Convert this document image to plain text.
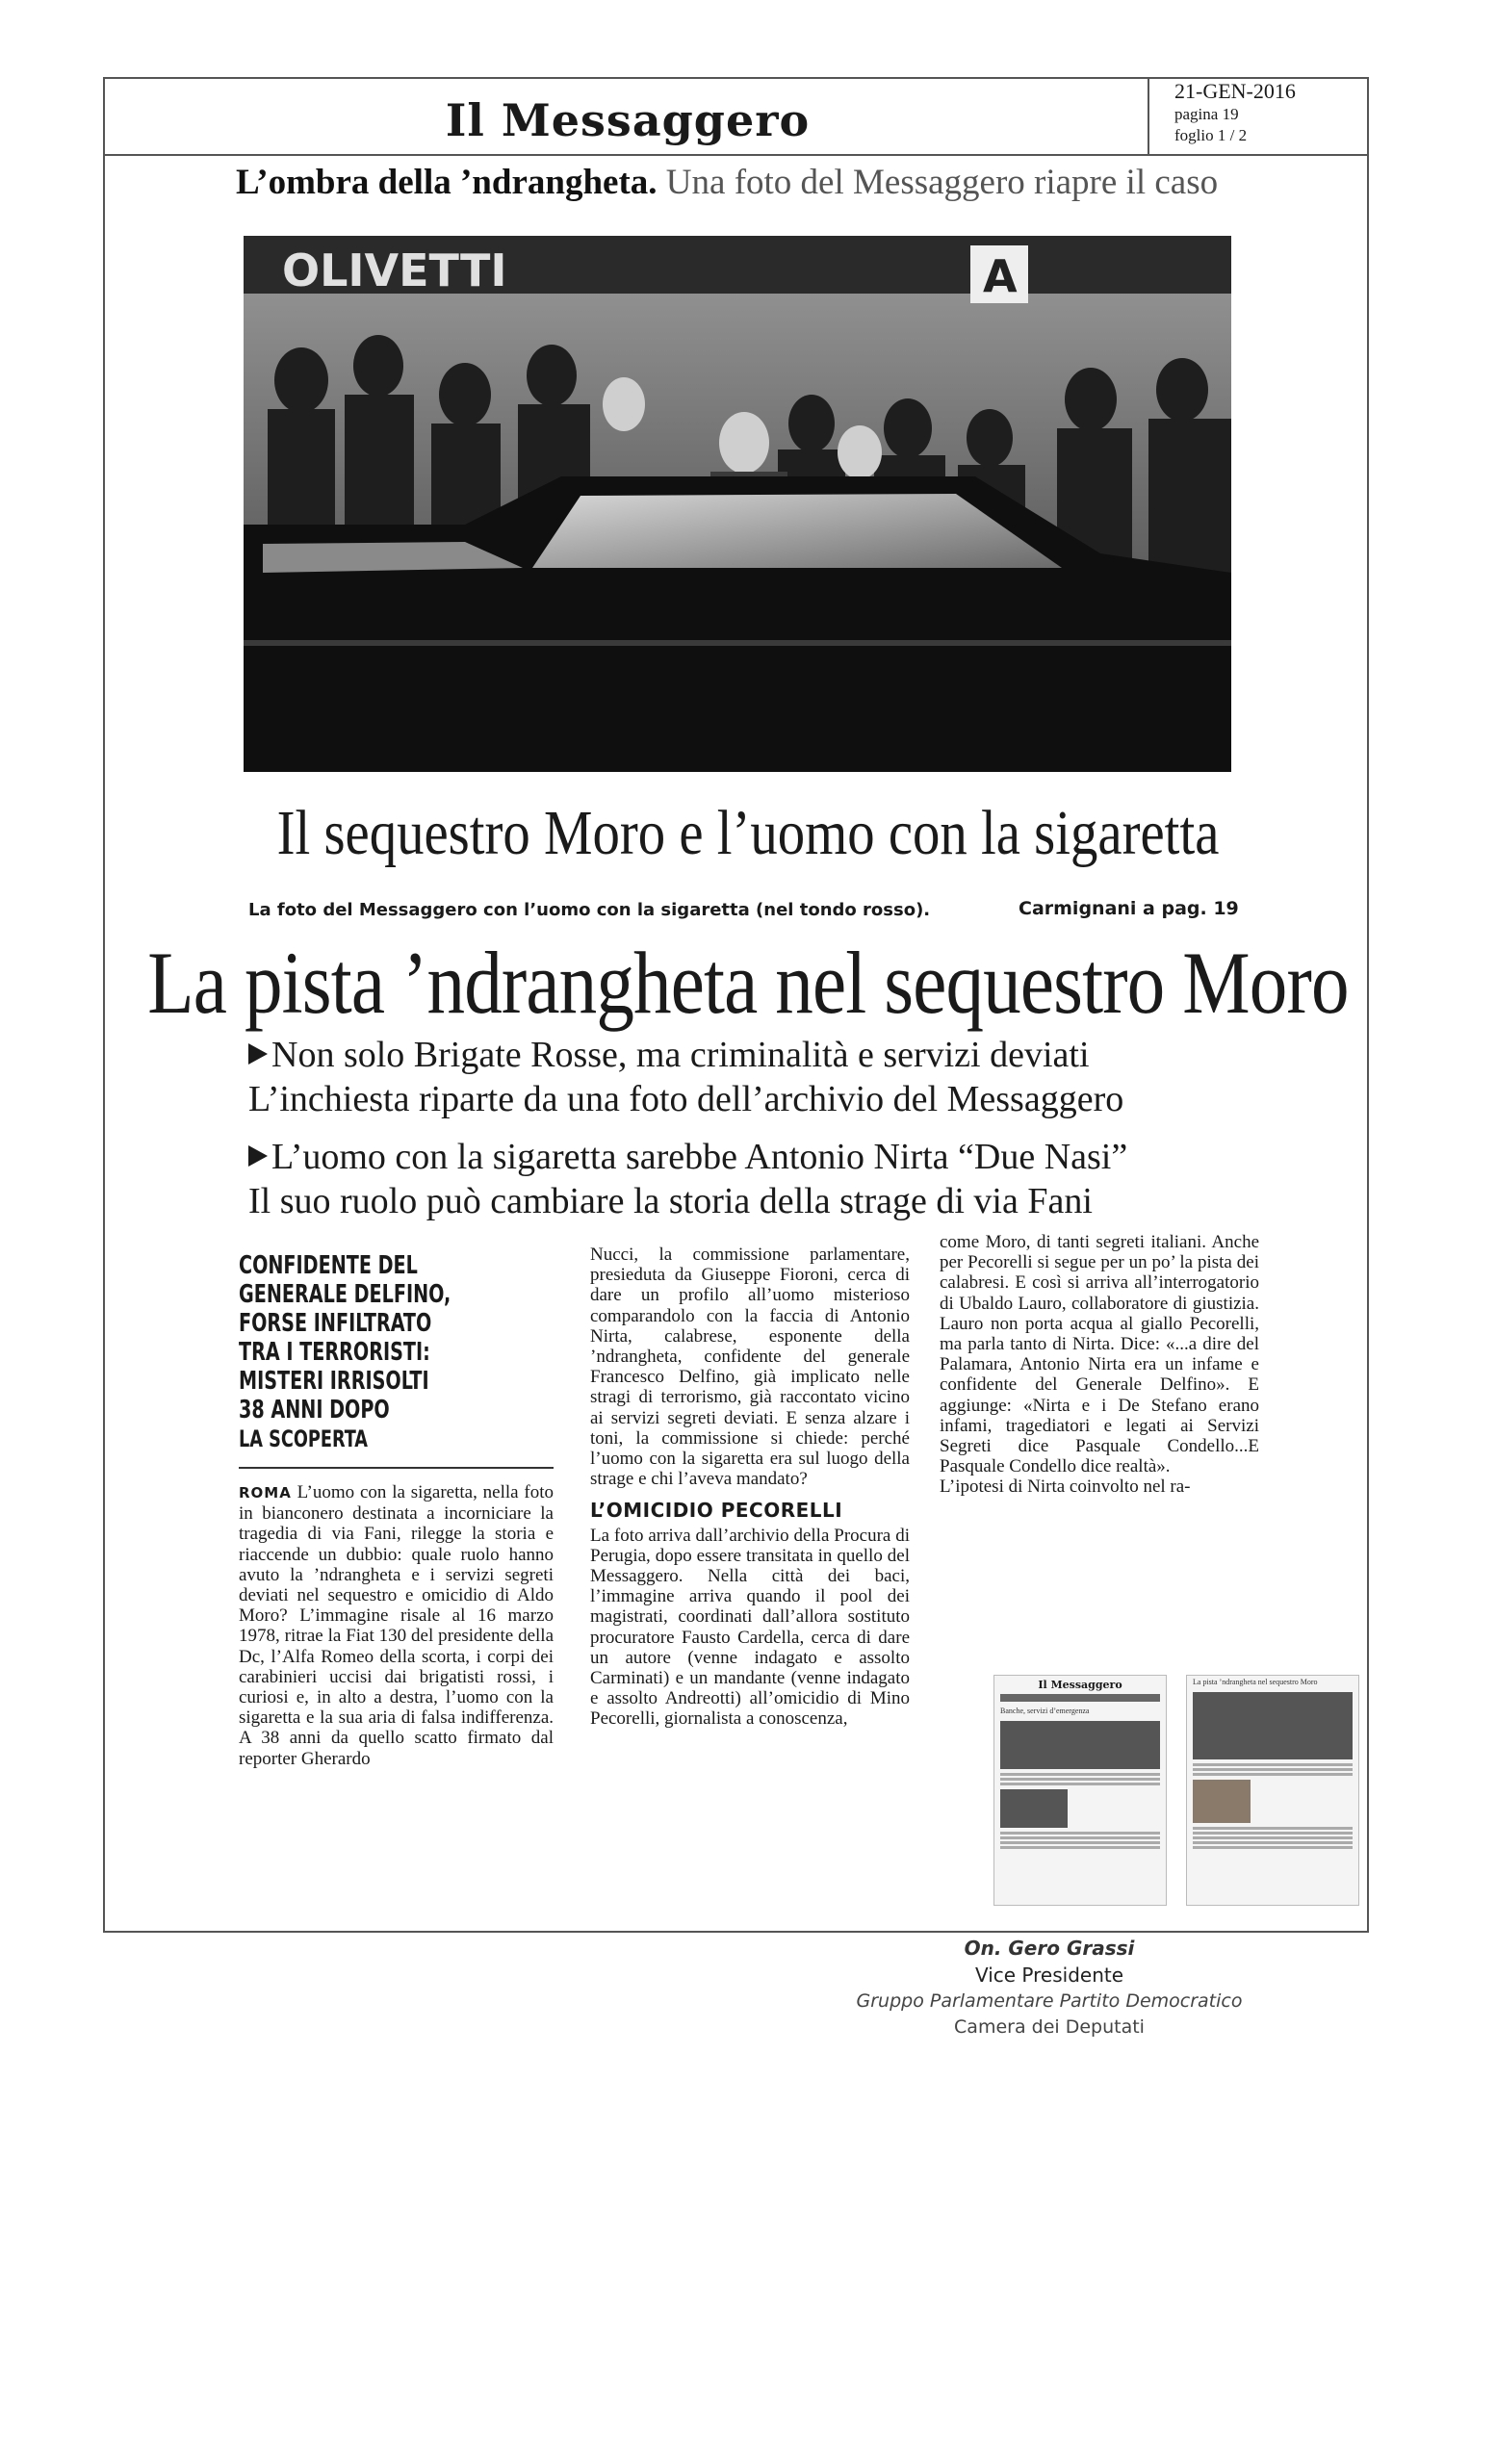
Il Messaggero
21-GEN-2016
pagina 19
foglio 1 / 2
L’ombra della ’ndrangheta. Una foto del Messaggero riapre il caso
OLIVETTI	A
Il sequestro Moro e l’uomo con la sigaretta
La foto del Messaggero con l’uomo con la sigaretta (nel tondo rosso).	Carmignani a pag. 19
La pista ’ndrangheta nel sequestro Moro
Non solo Brigate Rosse, ma criminalità e servizi deviati
L’inchiesta riparte da una foto dell’archivio del Messaggero
L’uomo con la sigaretta sarebbe Antonio Nirta “Due Nasi”
Il suo ruolo può cambiare la storia della strage di via Fani
CONFIDENTE DEL
GENERALE DELFINO,
FORSE INFILTRATO
TRA I TERRORISTI:
MISTERI IRRISOLTI
38 ANNI DOPO
LA SCOPERTA

ROMA L’uomo con la sigaretta, nella foto in bianconero destinata a incorniciare la tragedia di via Fani, rilegge la storia e riaccende un dubbio: quale ruolo hanno avuto la ’ndrangheta e i servizi segreti deviati nel sequestro e omicidio di Aldo Moro? L’immagine risale al 16 marzo 1978, ritrae la Fiat 130 del presidente della Dc, l’Alfa Romeo della scorta, i corpi dei carabinieri uccisi dai brigatisti rossi, i curiosi e, in alto a destra, l’uomo con la sigaretta e la sua aria di falsa indifferenza. A 38 anni da quello scatto firmato dal reporter Gherardo

Nucci, la commissione parlamentare, presieduta da Giuseppe Fioroni, cerca di dare un profilo all’uomo misterioso comparandolo con la faccia di Antonio Nirta, calabrese, esponente della ’ndrangheta, confidente del generale Francesco Delfino, già implicato nelle stragi di terrorismo, già raccontato vicino ai servizi segreti deviati. E senza alzare i toni, la commissione si chiede: perché l’uomo con la sigaretta era sul luogo della strage e chi l’aveva mandato?

L’OMICIDIO PECORELLI

La foto arriva dall’archivio della Procura di Perugia, dopo essere transitata in quello del Messaggero. Nella città dei baci, l’immagine arriva quando il pool dei magistrati, coordinati dall’allora sostituto procuratore Fausto Cardella, cerca di dare un autore (venne indagato e assolto Carminati) e un mandante (venne indagato e assolto Andreotti) all’omicidio di Mino Pecorelli, giornalista a conoscenza,

come Moro, di tanti segreti italiani. Anche per Pecorelli si segue per un po’ la pista dei calabresi. E così si arriva all’interrogatorio di Ubaldo Lauro, collaboratore di giustizia. Lauro non porta acqua al giallo Pecorelli, ma parla tanto di Nirta. Dice: «...a dire del Palamara, Antonio Nirta era un infame e confidente del Generale Delfino». E aggiunge: «Nirta e i De Stefano erano infami, tragediatori e legati ai Servizi Segreti dice Pasquale Condello...E Pasquale Condello dice realtà».

L’ipotesi di Nirta coinvolto nel ra-

Il Messaggero
Banche, servizi d’emergenza
La pista ’ndrangheta nel sequestro Moro
On. Gero Grassi
Vice Presidente
Gruppo Parlamentare Partito Democratico
Camera dei Deputati
